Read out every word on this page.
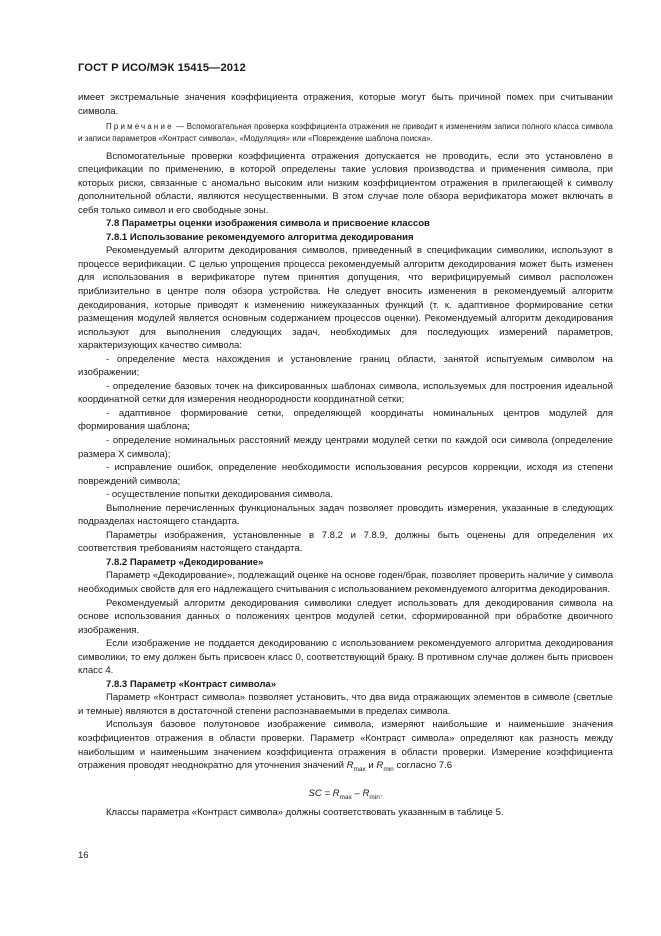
ГОСТ Р ИСО/МЭК 15415—2012

имеет экстремальные значения коэффициента отражения, которые могут быть причиной помех при считывании символа.

Примечание — Вспомогательная проверка коэффициента отражения не приводит к изменениям записи полного класса символа и записи параметров «Контраст символа», «Модуляция» или «Повреждение шаблона поиска».

Вспомогательные проверки коэффициента отражения допускается не проводить, если это установлено в спецификации по применению, в которой определены такие условия производства и применения символа, при которых риски, связанные с аномально высоким или низким коэффициентом отражения в прилегающей к символу дополнительной области, являются несущественными. В этом случае поле обзора верификатора может включать в себя только символ и его свободные зоны.

7.8 Параметры оценки изображения символа и присвоение классов

7.8.1 Использование рекомендуемого алгоритма декодирования

Рекомендуемый алгоритм декодирования символов, приведенный в спецификации символики, используют в процессе верификации. С целью упрощения процесса рекомендуемый алгоритм декодирования может быть изменен для использования в верификаторе путем принятия допущения, что верифицируемый символ расположен приблизительно в центре поля обзора устройства. Не следует вносить изменения в рекомендуемый алгоритм декодирования, которые приводят к изменению нижеуказанных функций (т. к. адаптивное формирование сетки размещения модулей является основным содержанием процессов оценки). Рекомендуемый алгоритм декодирования используют для выполнения следующих задач, необходимых для последующих измерений параметров, характеризующих качество символа:

- определение места нахождения и установление границ области, занятой испытуемым символом на изображении;

- определение базовых точек на фиксированных шаблонах символа, используемых для построения идеальной координатной сетки для измерения неоднородности координатной сетки;

- адаптивное формирование сетки, определяющей координаты номинальных центров модулей для формирования шаблона;

- определение номинальных расстояний между центрами модулей сетки по каждой оси символа (определение размера Х символа);

- исправление ошибок, определение необходимости использования ресурсов коррекции, исходя из степени повреждений символа;

- осуществление попытки декодирования символа.

Выполнение перечисленных функциональных задач позволяет проводить измерения, указанные в следующих подразделах настоящего стандарта.

Параметры изображения, установленные в 7.8.2 и 7.8.9, должны быть оценены для определения их соответствия требованиям настоящего стандарта.

7.8.2 Параметр «Декодирование»

Параметр «Декодирование», подлежащий оценке на основе годен/брак, позволяет проверить наличие у символа необходимых свойств для его надлежащего считывания с использованием рекомендуемого алгоритма декодирования.

Рекомендуемый алгоритм декодирования символики следует использовать для декодирования символа на основе использования данных о положениях центров модулей сетки, сформированной при обработке двоичного изображения.

Если изображение не поддается декодированию с использованием рекомендуемого алгоритма декодирования символики, то ему должен быть присвоен класс 0, соответствующий браку. В противном случае должен быть присвоен класс 4.

7.8.3 Параметр «Контраст символа»

Параметр «Контраст символа» позволяет установить, что два вида отражающих элементов в символе (светлые и темные) являются в достаточной степени распознаваемыми в пределах символа.

Используя базовое полутоновое изображение символа, измеряют наибольшие и наименьшие значения коэффициентов отражения в области проверки. Параметр «Контраст символа» определяют как разность между наибольшим и наименьшим значением коэффициента отражения в области проверки. Измерение коэффициента отражения проводят неоднократно для уточнения значений $R_{max}$ и $R_{min}$ согласно 7.6

SC = $R_{max} - R_{min}$.

Классы параметра «Контраст символа» должны соответствовать указанным в таблице 5.

16
